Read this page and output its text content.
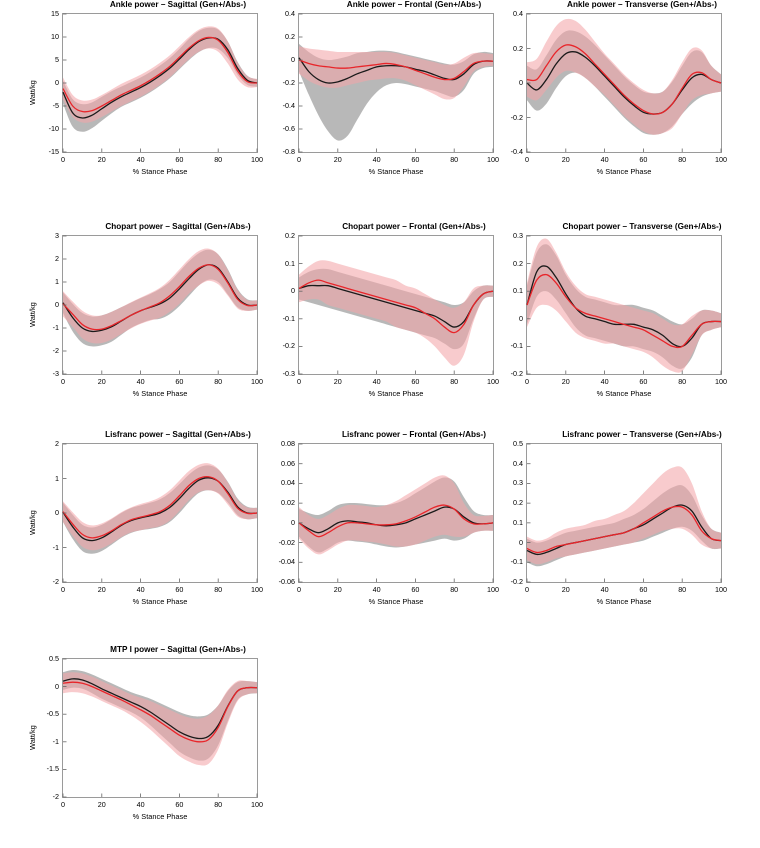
Ankle power – Sagittal (Gen+/Abs-)
0	20	40	60	80	100
-15
-10
-5
0
5
10
15
% Stance Phase
Watt/kg
Ankle power – Frontal (Gen+/Abs-)
0	20	40	60	80	100
-0.8
-0.6
-0.4
-0.2
0
0.2
0.4
% Stance Phase
Ankle power – Transverse (Gen+/Abs-)
0	20	40	60	80	100
-0.4
-0.2
0
0.2
0.4
% Stance Phase
Chopart power – Sagittal (Gen+/Abs-)
0	20	40	60	80	100
-3
-2
-1
0
1
2
3
% Stance Phase
Watt/kg
Chopart power – Frontal (Gen+/Abs-)
0	20	40	60	80	100
-0.3
-0.2
-0.1
0
0.1
0.2
% Stance Phase
Chopart power – Transverse (Gen+/Abs-)
0	20	40	60	80	100
-0.2
-0.1
0
0.1
0.2
0.3
% Stance Phase
Lisfranc power – Sagittal (Gen+/Abs-)
0	20	40	60	80	100
-2
-1
0
1
2
% Stance Phase
Watt/kg
Lisfranc power – Frontal (Gen+/Abs-)
0	20	40	60	80	100
-0.06
-0.04
-0.02
0
0.02
0.04
0.06
0.08
% Stance Phase
Lisfranc power – Transverse (Gen+/Abs-)
0	20	40	60	80	100
-0.2
-0.1
0
0.1
0.2
0.3
0.4
0.5
% Stance Phase
MTP I power – Sagittal (Gen+/Abs-)
0	20	40	60	80	100
-2
-1.5
-1
-0.5
0
0.5
% Stance Phase
Watt/kg
